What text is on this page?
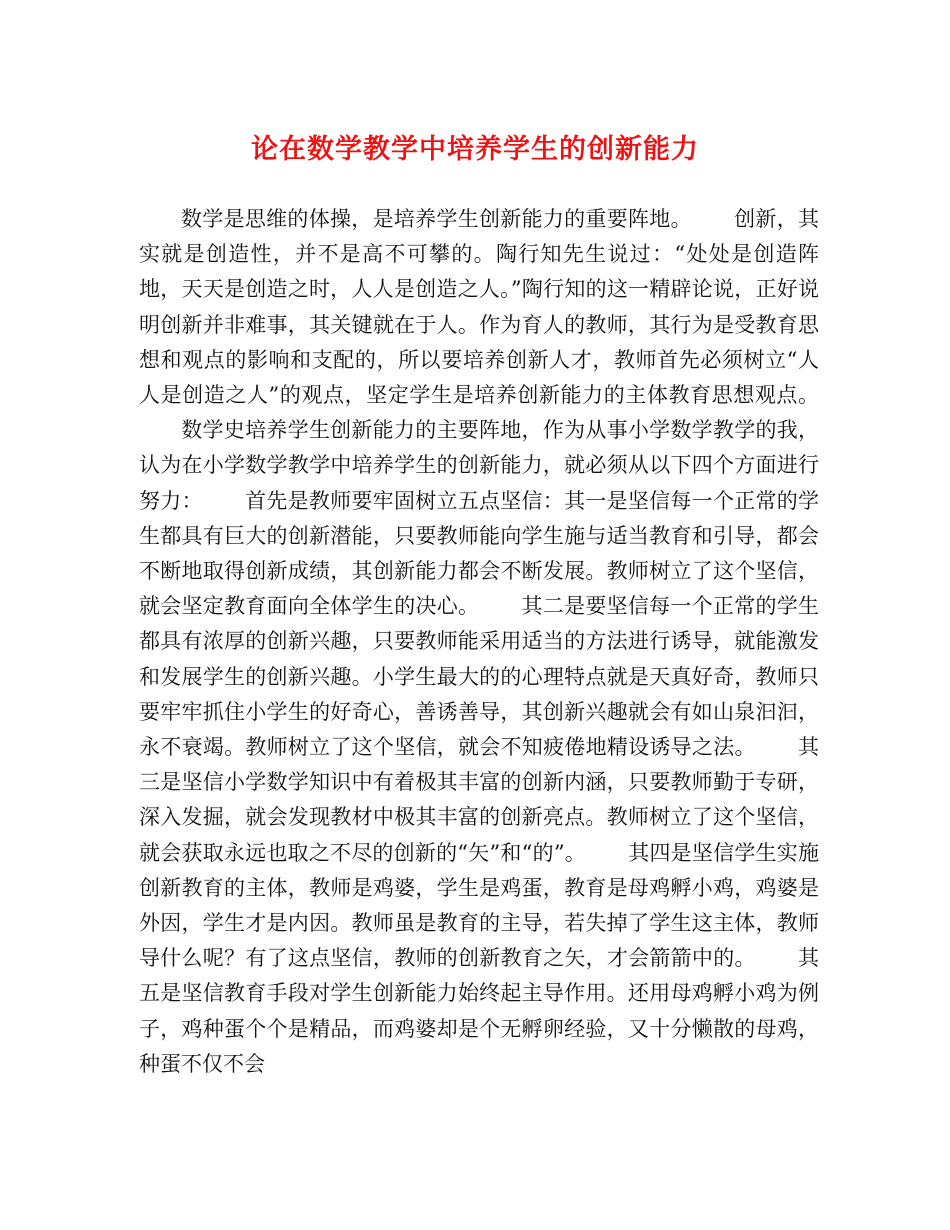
论在数学教学中培养学生的创新能力

数学是思维的体操，是培养学生创新能力的重要阵地。 创新，其实就是创造性，并不是高不可攀的。陶行知先生说过：“处处是创造阵地，天天是创造之时，人人是创造之人。”陶行知的这一精辟论说，正好说明创新并非难事，其关键就在于人。作为育人的教师，其行为是受教育思想和观点的影响和支配的，所以要培养创新人才，教师首先必须树立“人人是创造之人”的观点，坚定学生是培养创新能力的主体教育思想观点。数学史培养学生创新能力的主要阵地，作为从事小学数学教学的我，认为在小学数学教学中培养学生的创新能力，就必须从以下四个方面进行努力： 首先是教师要牢固树立五点坚信：其一是坚信每一个正常的学生都具有巨大的创新潜能，只要教师能向学生施与适当教育和引导，都会不断地取得创新成绩，其创新能力都会不断发展。教师树立了这个坚信，就会坚定教育面向全体学生的决心。 其二是要坚信每一个正常的学生都具有浓厚的创新兴趣，只要教师能采用适当的方法进行诱导，就能激发和发展学生的创新兴趣。小学生最大的的心理特点就是天真好奇，教师只要牢牢抓住小学生的好奇心，善诱善导，其创新兴趣就会有如山泉汩汩，永不衰竭。教师树立了这个坚信，就会不知疲倦地精设诱导之法。 其三是坚信小学数学知识中有着极其丰富的创新内涵，只要教师勤于专研，深入发掘，就会发现教材中极其丰富的创新亮点。教师树立了这个坚信，就会获取永远也取之不尽的创新的“矢”和“的”。 其四是坚信学生实施创新教育的主体，教师是鸡婆，学生是鸡蛋，教育是母鸡孵小鸡，鸡婆是外因，学生才是内因。教师虽是教育的主导，若失掉了学生这主体，教师导什么呢？有了这点坚信，教师的创新教育之矢，才会箭箭中的。 其五是坚信教育手段对学生创新能力始终起主导作用。还用母鸡孵小鸡为例子，鸡种蛋个个是精品，而鸡婆却是个无孵卵经验，又十分懒散的母鸡，种蛋不仅不会
